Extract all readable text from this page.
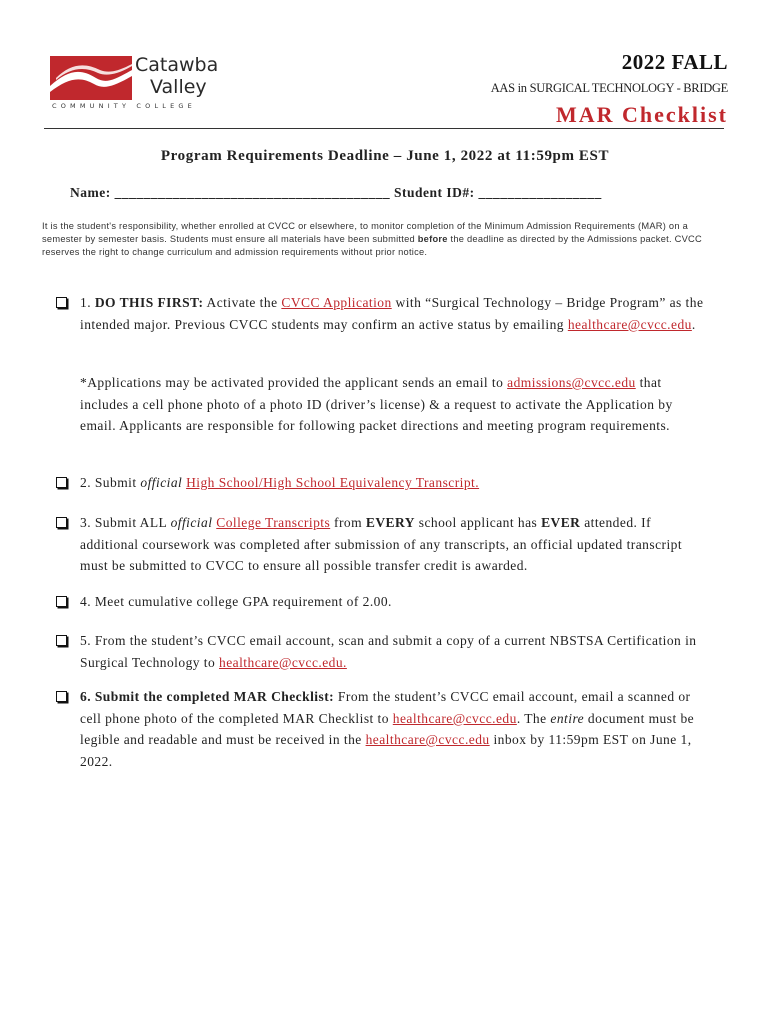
Catawba
Valley
COMMUNITY COLLEGE
2022 FALL
AAS in SURGICAL TECHNOLOGY - BRIDGE
MAR Checklist
Program Requirements Deadline – June 1, 2022 at 11:59pm EST
Name: ______________________________________ Student ID#: _________________
It is the student's responsibility, whether enrolled at CVCC or elsewhere, to monitor completion of the Minimum Admission Requirements (MAR) on a semester by semester basis. Students must ensure all materials have been submitted before the deadline as directed by the Admissions packet. CVCC reserves the right to change curriculum and admission requirements without prior notice.
1. DO THIS FIRST: Activate the CVCC Application with “Surgical Technology – Bridge Program” as the intended major. Previous CVCC students may confirm an active status by emailing healthcare@cvcc.edu.
*Applications may be activated provided the applicant sends an email to admissions@cvcc.edu that includes a cell phone photo of a photo ID (driver’s license) & a request to activate the Application by email. Applicants are responsible for following packet directions and meeting program requirements.
2. Submit official High School/High School Equivalency Transcript.
3. Submit ALL official College Transcripts from EVERY school applicant has EVER attended. If additional coursework was completed after submission of any transcripts, an official updated transcript must be submitted to CVCC to ensure all possible transfer credit is awarded.
4. Meet cumulative college GPA requirement of 2.00.
5. From the student’s CVCC email account, scan and submit a copy of a current NBSTSA Certification in Surgical Technology to healthcare@cvcc.edu.
6. Submit the completed MAR Checklist: From the student’s CVCC email account, email a scanned or cell phone photo of the completed MAR Checklist to healthcare@cvcc.edu. The entire document must be legible and readable and must be received in the healthcare@cvcc.edu inbox by 11:59pm EST on June 1, 2022.
